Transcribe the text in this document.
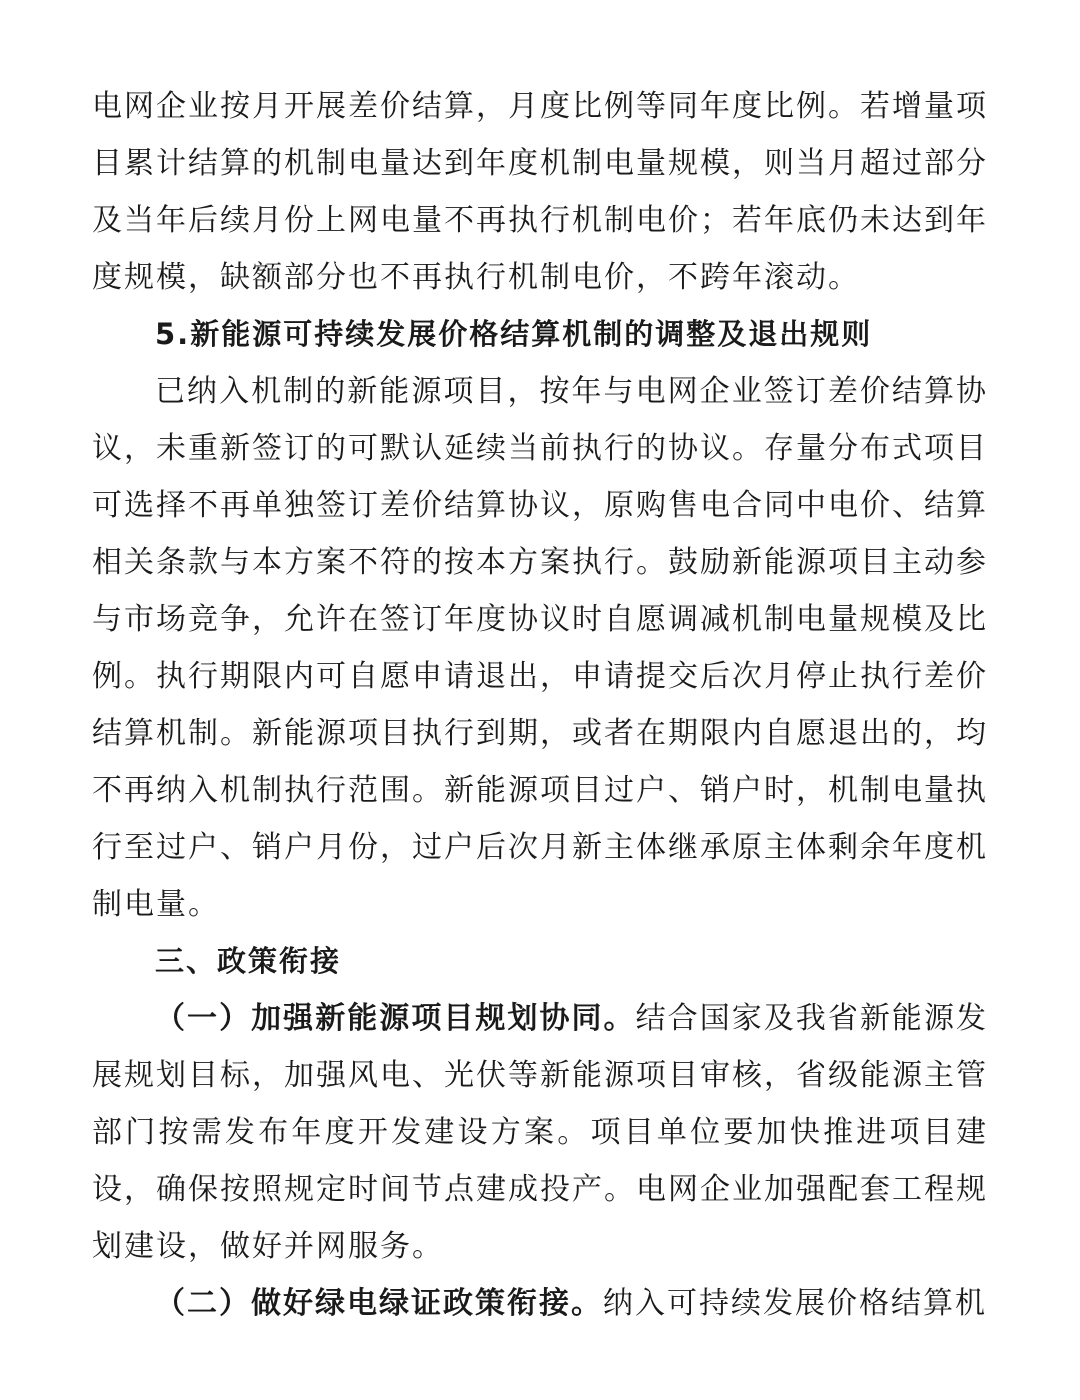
电网企业按月开展差价结算，月度比例等同年度比例。若增量项目累计结算的机制电量达到年度机制电量规模，则当月超过部分及当年后续月份上网电量不再执行机制电价；若年底仍未达到年度规模，缺额部分也不再执行机制电价，不跨年滚动。

5.新能源可持续发展价格结算机制的调整及退出规则

已纳入机制的新能源项目，按年与电网企业签订差价结算协议，未重新签订的可默认延续当前执行的协议。存量分布式项目可选择不再单独签订差价结算协议，原购售电合同中电价、结算相关条款与本方案不符的按本方案执行。鼓励新能源项目主动参与市场竞争，允许在签订年度协议时自愿调减机制电量规模及比例。执行期限内可自愿申请退出，申请提交后次月停止执行差价结算机制。新能源项目执行到期，或者在期限内自愿退出的，均不再纳入机制执行范围。新能源项目过户、销户时，机制电量执行至过户、销户月份，过户后次月新主体继承原主体剩余年度机制电量。

三、政策衔接

（一）加强新能源项目规划协同。结合国家及我省新能源发展规划目标，加强风电、光伏等新能源项目审核，省级能源主管部门按需发布年度开发建设方案。项目单位要加快推进项目建设，确保按照规定时间节点建成投产。电网企业加强配套工程规划建设，做好并网服务。

（二）做好绿电绿证政策衔接。纳入可持续发展价格结算机
